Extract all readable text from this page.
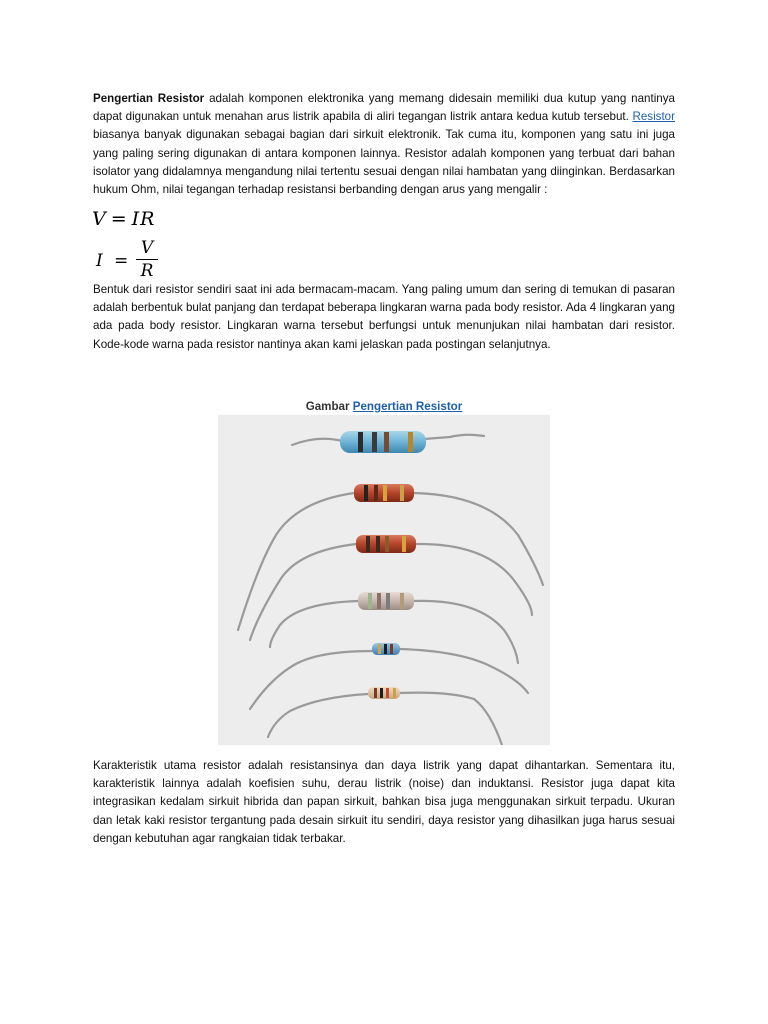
Pengertian Resistor adalah komponen elektronika yang memang didesain memiliki dua kutup yang nantinya dapat digunakan untuk menahan arus listrik apabila di aliri tegangan listrik antara kedua kutub tersebut. Resistor biasanya banyak digunakan sebagai bagian dari sirkuit elektronik. Tak cuma itu, komponen yang satu ini juga yang paling sering digunakan di antara komponen lainnya. Resistor adalah komponen yang terbuat dari bahan isolator yang didalamnya mengandung nilai tertentu sesuai dengan nilai hambatan yang diinginkan. Berdasarkan hukum Ohm, nilai tegangan terhadap resistansi berbanding dengan arus yang mengalir :

V = IR
I =
V
R

Bentuk dari resistor sendiri saat ini ada bermacam-macam. Yang paling umum dan sering di temukan di pasaran adalah berbentuk bulat panjang dan terdapat beberapa lingkaran warna pada body resistor. Ada 4 lingkaran yang ada pada body resistor. Lingkaran warna tersebut berfungsi untuk menunjukan nilai hambatan dari resistor. Kode-kode warna pada resistor nantinya akan kami jelaskan pada postingan selanjutnya.

Gambar Pengertian Resistor

Karakteristik utama resistor adalah resistansinya dan daya listrik yang dapat dihantarkan. Sementara itu, karakteristik lainnya adalah koefisien suhu, derau listrik (noise) dan induktansi. Resistor juga dapat kita integrasikan kedalam sirkuit hibrida dan papan sirkuit, bahkan bisa juga menggunakan sirkuit terpadu. Ukuran dan letak kaki resistor tergantung pada desain sirkuit itu sendiri, daya resistor yang dihasilkan juga harus sesuai dengan kebutuhan agar rangkaian tidak terbakar.
